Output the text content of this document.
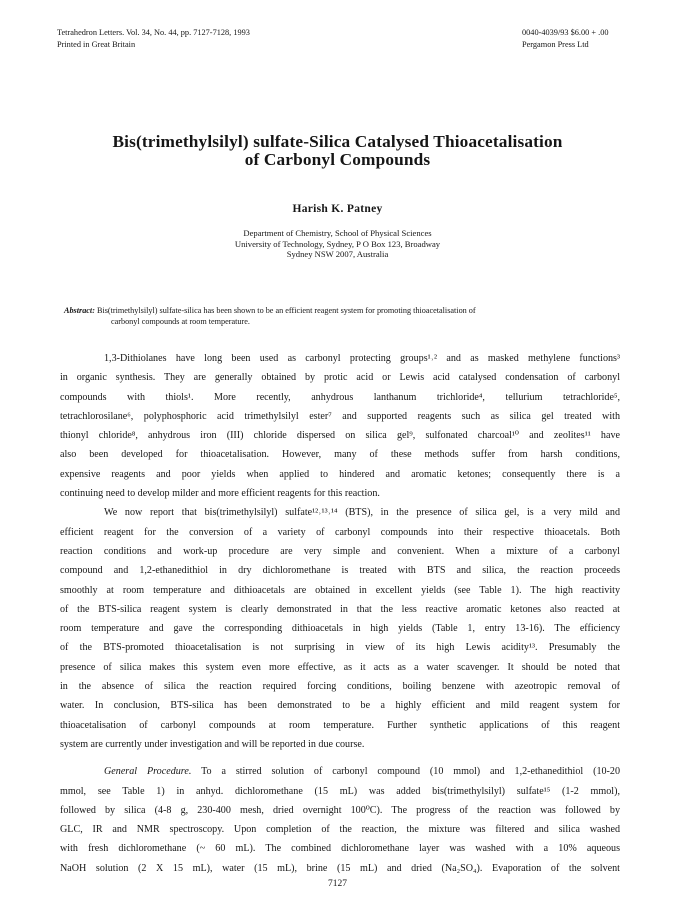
Tetrahedron Letters. Vol. 34, No. 44, pp. 7127-7128, 1993
Printed in Great Britain
0040-4039/93 $6.00 + .00
Pergamon Press Ltd
Bis(trimethylsilyl) sulfate-Silica Catalysed Thioacetalisation
of Carbonyl Compounds
Harish K. Patney
Department of Chemistry, School of Physical Sciences
University of Technology, Sydney, P O Box 123, Broadway
Sydney NSW 2007, Australia
Abstract: Bis(trimethylsilyl) sulfate-silica has been shown to be an efficient reagent system for promoting thioacetalisation of
carbonyl compounds at room temperature.
1,3-Dithiolanes have long been used as carbonyl protecting groups¹˒² and as masked methylene functions³
in organic synthesis. They are generally obtained by protic acid or Lewis acid catalysed condensation of carbonyl
compounds with thiols¹. More recently, anhydrous lanthanum trichloride⁴, tellurium tetrachloride⁵,
tetrachlorosilane⁶, polyphosphoric acid trimethylsilyl ester⁷ and supported reagents such as silica gel treated with
thionyl chloride⁸, anhydrous iron (III) chloride dispersed on silica gel⁹, sulfonated charcoal¹⁰ and zeolites¹¹ have
also been developed for thioacetalisation. However, many of these methods suffer from harsh conditions,
expensive reagents and poor yields when applied to hindered and aromatic ketones; consequently there is a
continuing need to develop milder and more efficient reagents for this reaction.
We now report that bis(trimethylsilyl) sulfate¹²˒¹³˒¹⁴ (BTS), in the presence of silica gel, is a very mild and
efficient reagent for the conversion of a variety of carbonyl compounds into their respective thioacetals. Both
reaction conditions and work-up procedure are very simple and convenient. When a mixture of a carbonyl
compound and 1,2-ethanedithiol in dry dichloromethane is treated with BTS and silica, the reaction proceeds
smoothly at room temperature and dithioacetals are obtained in excellent yields (see Table 1). The high reactivity
of the BTS-silica reagent system is clearly demonstrated in that the less reactive aromatic ketones also reacted at
room temperature and gave the corresponding dithioacetals in high yields (Table 1, entry 13-16). The efficiency
of the BTS-promoted thioacetalisation is not surprising in view of its high Lewis acidity¹³. Presumably the
presence of silica makes this system even more effective, as it acts as a water scavenger. It should be noted that
in the absence of silica the reaction required forcing conditions, boiling benzene with azeotropic removal of
water. In conclusion, BTS-silica has been demonstrated to be a highly efficient and mild reagent system for
thioacetalisation of carbonyl compounds at room temperature. Further synthetic applications of this reagent
system are currently under investigation and will be reported in due course.
General Procedure. To a stirred solution of carbonyl compound (10 mmol) and 1,2-ethanedithiol (10-20
mmol, see Table 1) in anhyd. dichloromethane (15 mL) was added bis(trimethylsilyl) sulfate¹⁵ (1-2 mmol),
followed by silica (4-8 g, 230-400 mesh, dried overnight 100⁰C). The progress of the reaction was followed by
GLC, IR and NMR spectroscopy. Upon completion of the reaction, the mixture was filtered and silica washed
with fresh dichloromethane (~ 60 mL). The combined dichloromethane layer was washed with a 10% aqueous
NaOH solution (2 X 15 mL), water (15 mL), brine (15 mL) and dried (Na₂SO₄). Evaporation of the solvent
7127
